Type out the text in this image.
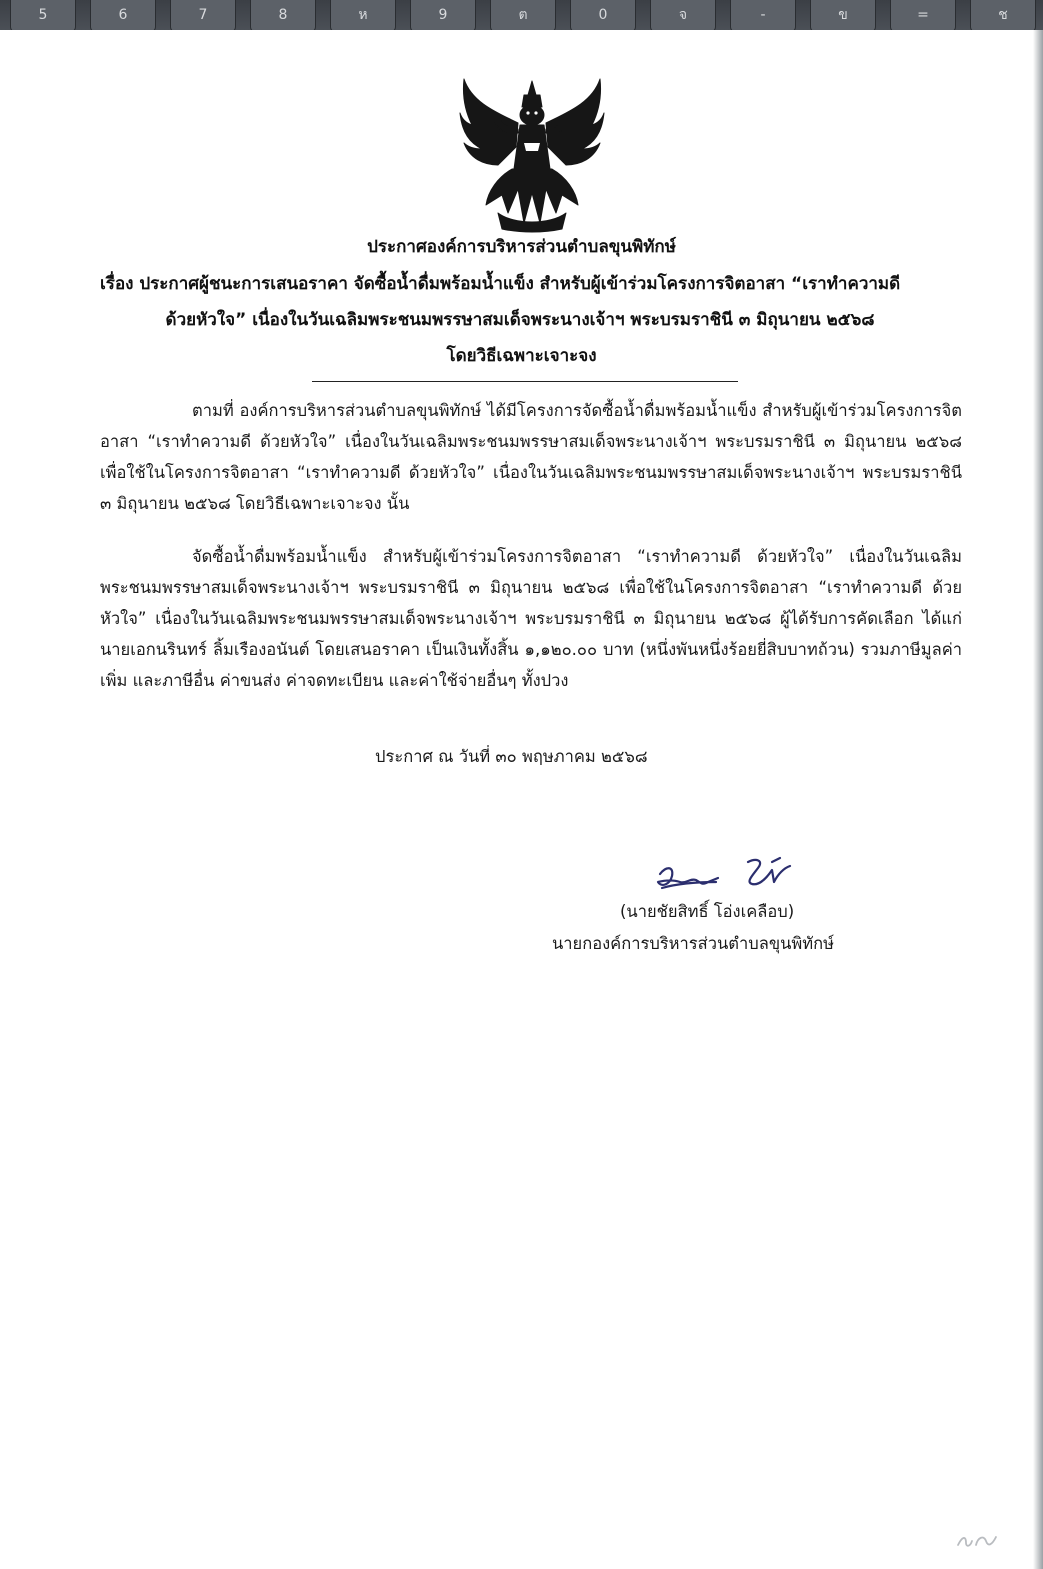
5	6	7	8	ห	9	ต	0	จ	-	ข	=	ช
ประกาศองค์การบริหารส่วนตำบลขุนพิทักษ์
เรื่อง ประกาศผู้ชนะการเสนอราคา จัดซื้อน้ำดื่มพร้อมน้ำแข็ง สำหรับผู้เข้าร่วมโครงการจิตอาสา “เราทำความดี
ด้วยหัวใจ” เนื่องในวันเฉลิมพระชนมพรรษาสมเด็จพระนางเจ้าฯ พระบรมราชินี ๓ มิถุนายน ๒๕๖๘
โดยวิธีเฉพาะเจาะจง
ตามที่ องค์การบริหารส่วนตำบลขุนพิทักษ์ ได้มีโครงการจัดซื้อน้ำดื่มพร้อมน้ำแข็ง สำหรับผู้เข้าร่วมโครงการจิตอาสา “เราทำความดี ด้วยหัวใจ” เนื่องในวันเฉลิมพระชนมพรรษาสมเด็จพระนางเจ้าฯ พระบรมราชินี ๓ มิถุนายน ๒๕๖๘ เพื่อใช้ในโครงการจิตอาสา “เราทำความดี ด้วยหัวใจ” เนื่องในวันเฉลิมพระชนมพรรษาสมเด็จพระนางเจ้าฯ พระบรมราชินี ๓ มิถุนายน ๒๕๖๘ โดยวิธีเฉพาะเจาะจง นั้น
จัดซื้อน้ำดื่มพร้อมน้ำแข็ง สำหรับผู้เข้าร่วมโครงการจิตอาสา “เราทำความดี ด้วยหัวใจ” เนื่องในวันเฉลิมพระชนมพรรษาสมเด็จพระนางเจ้าฯ พระบรมราชินี ๓ มิถุนายน ๒๕๖๘ เพื่อใช้ในโครงการจิตอาสา “เราทำความดี ด้วยหัวใจ” เนื่องในวันเฉลิมพระชนมพรรษาสมเด็จพระนางเจ้าฯ พระบรมราชินี ๓ มิถุนายน ๒๕๖๘ ผู้ได้รับการคัดเลือก ได้แก่ นายเอกนรินทร์ ลิ้มเรืองอนันต์ โดยเสนอราคา เป็นเงินทั้งสิ้น ๑,๑๒๐.๐๐ บาท (หนึ่งพันหนึ่งร้อยยี่สิบบาทถ้วน) รวมภาษีมูลค่าเพิ่ม และภาษีอื่น ค่าขนส่ง ค่าจดทะเบียน และค่าใช้จ่ายอื่นๆ ทั้งปวง
ประกาศ ณ วันที่ ๓๐ พฤษภาคม ๒๕๖๘
(นายชัยสิทธิ์ โอ่งเคลือบ)
นายกองค์การบริหารส่วนตำบลขุนพิทักษ์
